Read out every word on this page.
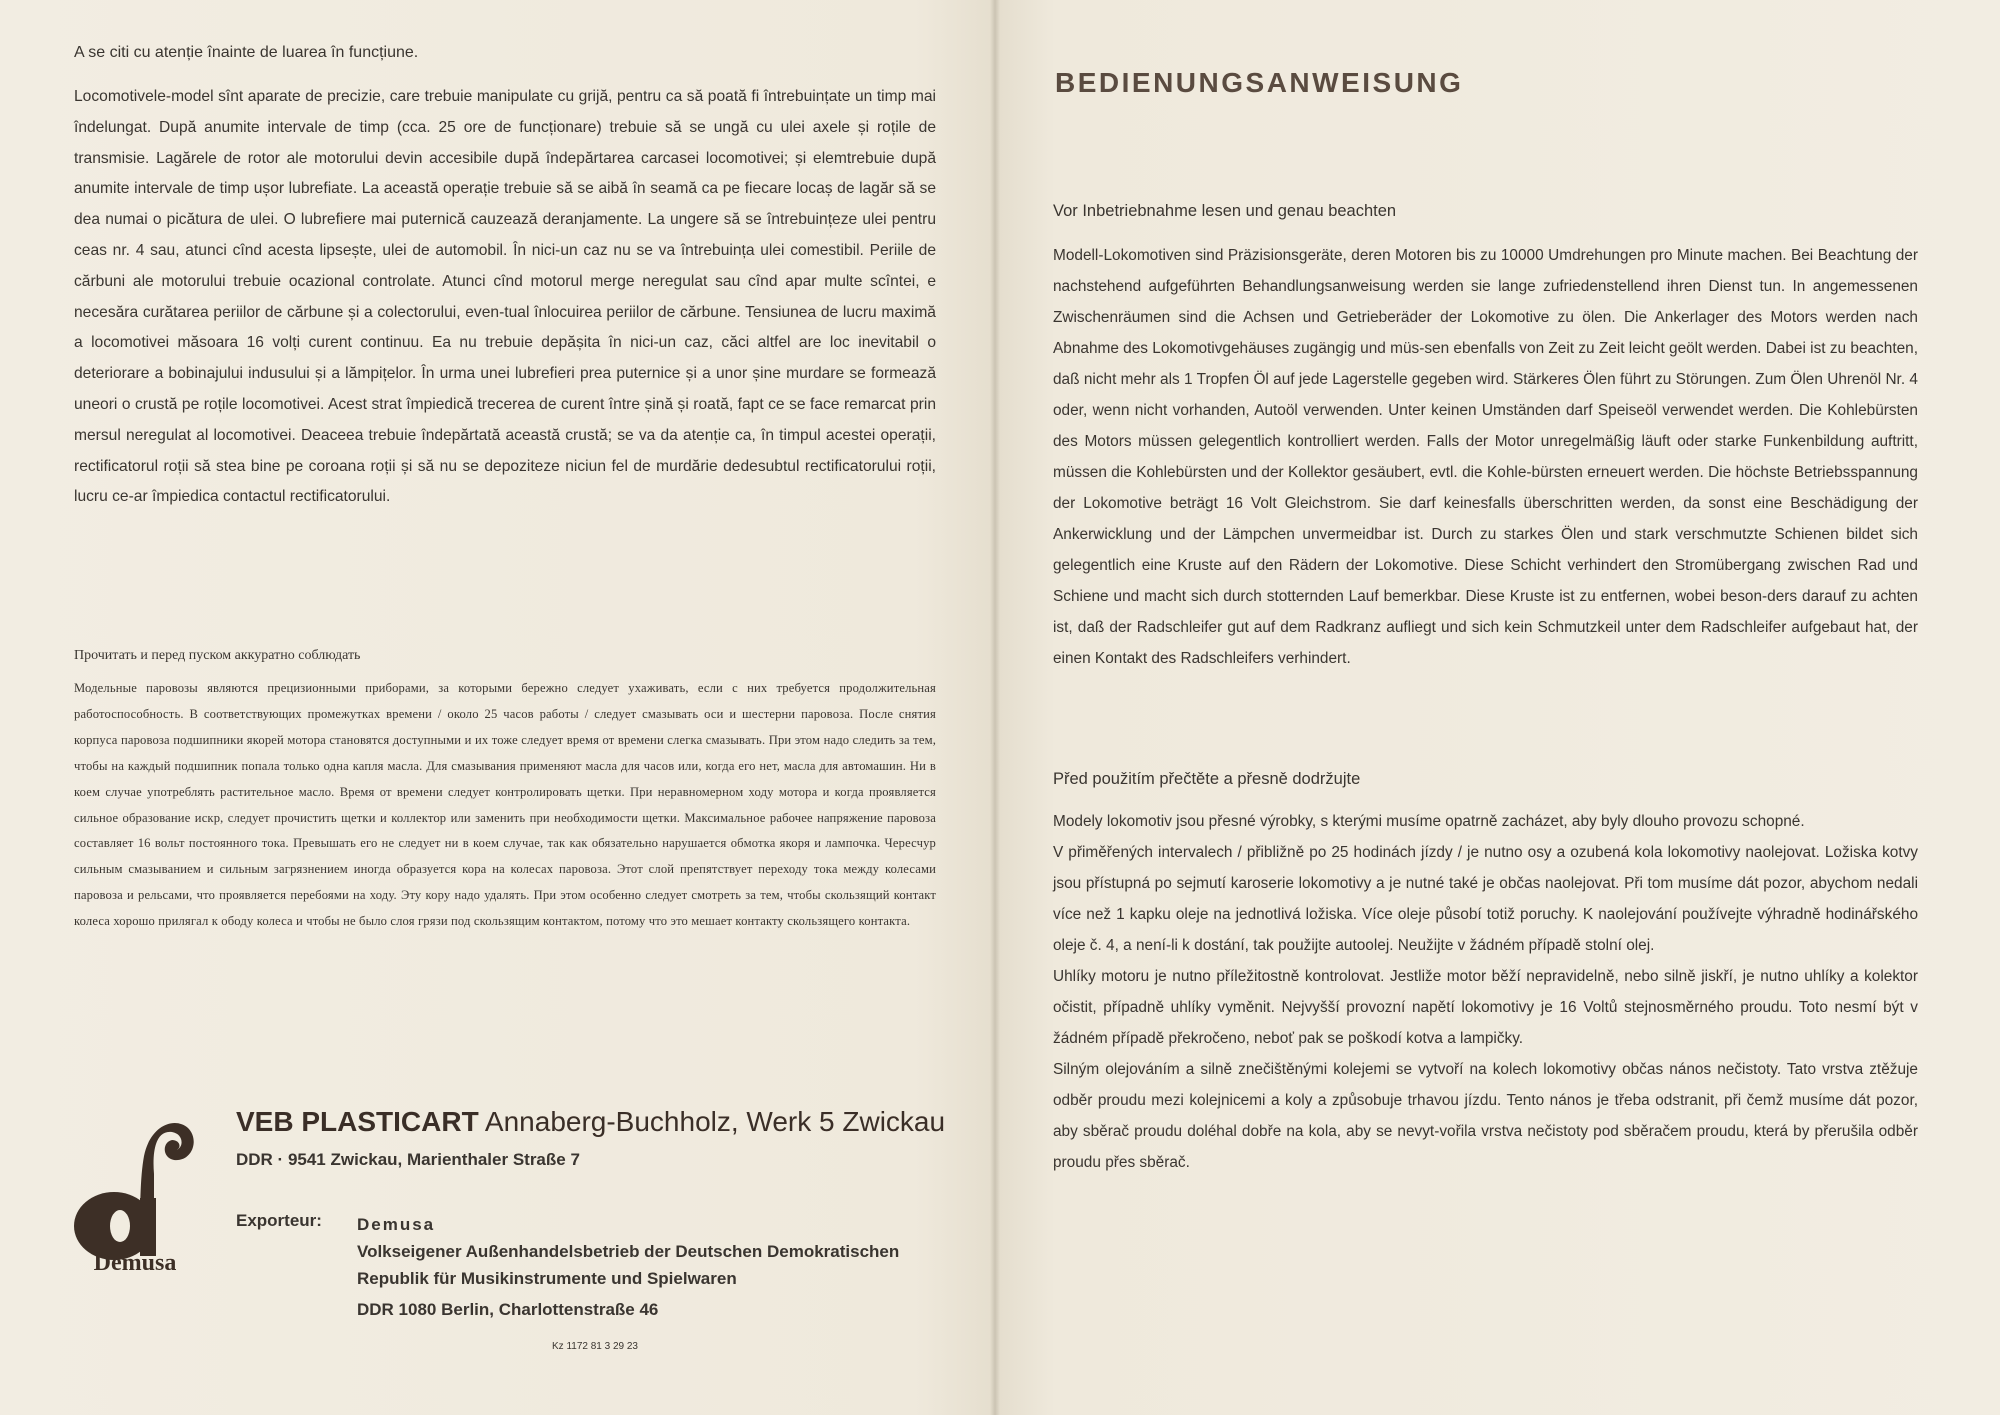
A se citi cu atenție înainte de luarea în funcțiune.
Locomotivele-model sînt aparate de precizie, care trebuie manipulate cu grijă, pentru ca să poată fi întrebuințate un timp mai îndelungat. După anumite intervale de timp (cca. 25 ore de funcționare) trebuie să se ungă cu ulei axele și roțile de transmisie. Lagărele de rotor ale motorului devin accesibile după îndepărtarea carcasei locomotivei; și elemtrebuie după anumite intervale de timp ușor lubrefiate. La această operație trebuie să se aibă în seamă ca pe fiecare locaș de lagăr să se dea numai o picătura de ulei. O lubrefiere mai puternică cauzează deranjamente. La ungere să se întrebuințeze ulei pentru ceas nr. 4 sau, atunci cînd acesta lipsește, ulei de automobil. În nici-un caz nu se va întrebuința ulei comestibil. Periile de cărbuni ale motorului trebuie ocazional controlate. Atunci cînd motorul merge neregulat sau cînd apar multe scîntei, e necesăra curătarea periilor de cărbune și a colectorului, even-tual înlocuirea periilor de cărbune. Tensiunea de lucru maximă a locomotivei măsoara 16 volți curent continuu. Ea nu trebuie depășita în nici-un caz, căci altfel are loc inevitabil o deteriorare a bobinajului indusului și a lămpițelor. În urma unei lubrefieri prea puternice și a unor șine murdare se formează uneori o crustă pe roțile locomotivei. Acest strat împiedică trecerea de curent între șină și roată, fapt ce se face remarcat prin mersul neregulat al locomotivei. Deaceea trebuie îndepărtată această crustă; se va da atenție ca, în timpul acestei operații, rectificatorul roții să stea bine pe coroana roții și să nu se depoziteze niciun fel de murdărie dedesubtul rectificatorului roții, lucru ce-ar împiedica contactul rectificatorului.
Прочитать и перед пуском аккуратно соблюдать
Модельные паровозы являются прецизионными приборами, за которыми бережно следует ухаживать, если с них требуется продолжительная работоспособность. В соответствующих промежутках времени / около 25 часов работы / следует смазывать оси и шестерни паровоза. После снятия корпуса паровоза подшипники якорей мотора становятся доступными и их тоже следует время от времени слегка смазывать. При этом надо следить за тем, чтобы на каждый подшипник попала только одна капля масла. Для смазывания применяют масла для часов или, когда его нет, масла для автомашин. Ни в коем случае употреблять растительное масло. Время от времени следует контролировать щетки. При неравномерном ходу мотора и когда проявляется сильное образование искр, следует прочистить щетки и коллектор или заменить при необходимости щетки. Максимальное рабочее напряжение паровоза составляет 16 вольт постоянного тока. Превышать его не следует ни в коем случае, так как обязательно нарушается обмотка якоря и лампочка. Чересчур сильным смазыванием и сильным загрязнением иногда образуется кора на колесах паровоза. Этот слой препятствует переходу тока между колесами паровоза и рельсами, что проявляется перебоями на ходу. Эту кору надо удалять. При этом особенно следует смотреть за тем, чтобы скользящий контакт колеса хорошо прилягал к ободу колеса и чтобы не было слоя грязи под скользящим контактом, потому что это мешает контакту скользящего контакта.
Demusa
VEB PLASTICART Annaberg-Buchholz, Werk 5 Zwickau
DDR · 9541 Zwickau, Marienthaler Straße 7
Exporteur: Demusa
Volkseigener Außenhandelsbetrieb der Deutschen Demokratischen
Republik für Musikinstrumente und Spielwaren
DDR 1080 Berlin, Charlottenstraße 46
Kz 1172 81 3 29 23
BEDIENUNGSANWEISUNG
Vor Inbetriebnahme lesen und genau beachten
Modell-Lokomotiven sind Präzisionsgeräte, deren Motoren bis zu 10000 Umdrehungen pro Minute machen. Bei Beachtung der nachstehend aufgeführten Behandlungsanweisung werden sie lange zufriedenstellend ihren Dienst tun. In angemessenen Zwischenräumen sind die Achsen und Getrieberäder der Lokomotive zu ölen. Die Ankerlager des Motors werden nach Abnahme des Lokomotivgehäuses zugängig und müs-sen ebenfalls von Zeit zu Zeit leicht geölt werden. Dabei ist zu beachten, daß nicht mehr als 1 Tropfen Öl auf jede Lagerstelle gegeben wird. Stärkeres Ölen führt zu Störungen. Zum Ölen Uhrenöl Nr. 4 oder, wenn nicht vorhanden, Autoöl verwenden. Unter keinen Umständen darf Speiseöl verwendet werden. Die Kohlebürsten des Motors müssen gelegentlich kontrolliert werden. Falls der Motor unregelmäßig läuft oder starke Funkenbildung auftritt, müssen die Kohlebürsten und der Kollektor gesäubert, evtl. die Kohle-bürsten erneuert werden. Die höchste Betriebsspannung der Lokomotive beträgt 16 Volt Gleichstrom. Sie darf keinesfalls überschritten werden, da sonst eine Beschädigung der Ankerwicklung und der Lämpchen unvermeidbar ist. Durch zu starkes Ölen und stark verschmutzte Schienen bildet sich gelegentlich eine Kruste auf den Rädern der Lokomotive. Diese Schicht verhindert den Stromübergang zwischen Rad und Schiene und macht sich durch stotternden Lauf bemerkbar. Diese Kruste ist zu entfernen, wobei beson-ders darauf zu achten ist, daß der Radschleifer gut auf dem Radkranz aufliegt und sich kein Schmutzkeil unter dem Radschleifer aufgebaut hat, der einen Kontakt des Radschleifers verhindert.
Před použitím přečtěte a přesně dodržujte

Modely lokomotiv jsou přesné výrobky, s kterými musíme opatrně zacházet, aby byly dlouho provozu schopné.

V přiměřených intervalech / přibližně po 25 hodinách jízdy / je nutno osy a ozubená kola lokomotivy naolejovat. Ložiska kotvy jsou přístupná po sejmutí karoserie lokomotivy a je nutné také je občas naolejovat. Při tom musíme dát pozor, abychom nedali více než 1 kapku oleje na jednotlivá ložiska. Více oleje působí totiž poruchy. K naolejování používejte výhradně hodinářského oleje č. 4, a není-li k dostání, tak použijte autoolej. Neužijte v žádném případě stolní olej.

Uhlíky motoru je nutno příležitostně kontrolovat. Jestliže motor běží nepravidelně, nebo silně jiskří, je nutno uhlíky a kolektor očistit, případně uhlíky vyměnit. Nejvyšší provozní napětí lokomotivy je 16 Voltů stejnosměrného proudu. Toto nesmí být v žádném případě překročeno, neboť pak se poškodí kotva a lampičky.

Silným olejováním a silně znečištěnými kolejemi se vytvoří na kolech lokomotivy občas nános nečistoty. Tato vrstva ztěžuje odběr proudu mezi kolejnicemi a koly a způsobuje trhavou jízdu. Tento nános je třeba odstranit, při čemž musíme dát pozor, aby sběrač proudu doléhal dobře na kola, aby se nevyt-vořila vrstva nečistoty pod sběračem proudu, která by přerušila odběr proudu přes sběrač.
